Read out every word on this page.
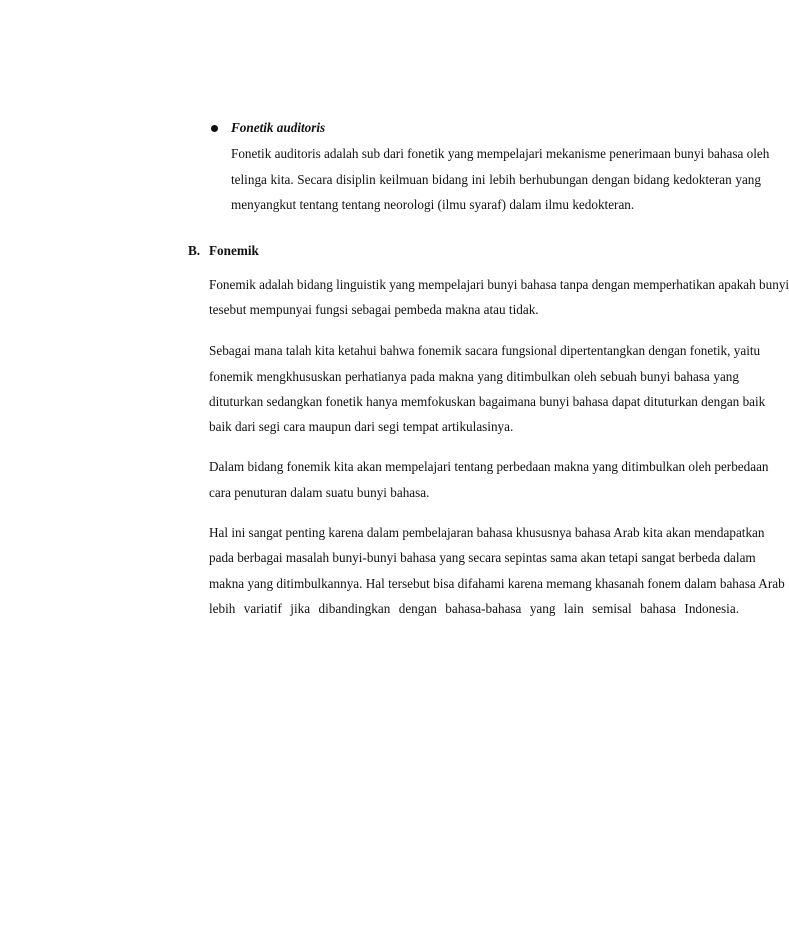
Fonetik auditoris
Fonetik auditoris adalah sub dari fonetik yang mempelajari mekanisme penerimaan bunyi bahasa oleh
telinga kita. Secara disiplin keilmuan bidang ini lebih berhubungan dengan bidang kedokteran yang
menyangkut tentang tentang neorologi (ilmu syaraf) dalam ilmu kedokteran.
B. Fonemik
Fonemik adalah bidang linguistik yang mempelajari bunyi bahasa tanpa dengan memperhatikan apakah bunyi
tesebut mempunyai fungsi sebagai pembeda makna atau tidak.
Sebagai mana talah kita ketahui bahwa fonemik sacara fungsional dipertentangkan dengan fonetik, yaitu
fonemik mengkhususkan perhatianya pada makna yang ditimbulkan oleh sebuah bunyi bahasa yang
dituturkan sedangkan fonetik hanya memfokuskan bagaimana bunyi bahasa dapat dituturkan dengan baik
baik dari segi cara maupun dari segi tempat artikulasinya.
Dalam bidang fonemik kita akan mempelajari tentang perbedaan makna yang ditimbulkan oleh perbedaan
cara penuturan dalam suatu bunyi bahasa.
Hal ini sangat penting karena dalam pembelajaran bahasa khususnya bahasa Arab kita akan mendapatkan
pada berbagai masalah bunyi-bunyi bahasa yang secara sepintas sama akan tetapi sangat berbeda dalam
makna yang ditimbulkannya. Hal tersebut bisa difahami karena memang khasanah fonem dalam bahasa Arab
lebih variatif jika dibandingkan dengan bahasa-bahasa yang lain semisal bahasa Indonesia.
